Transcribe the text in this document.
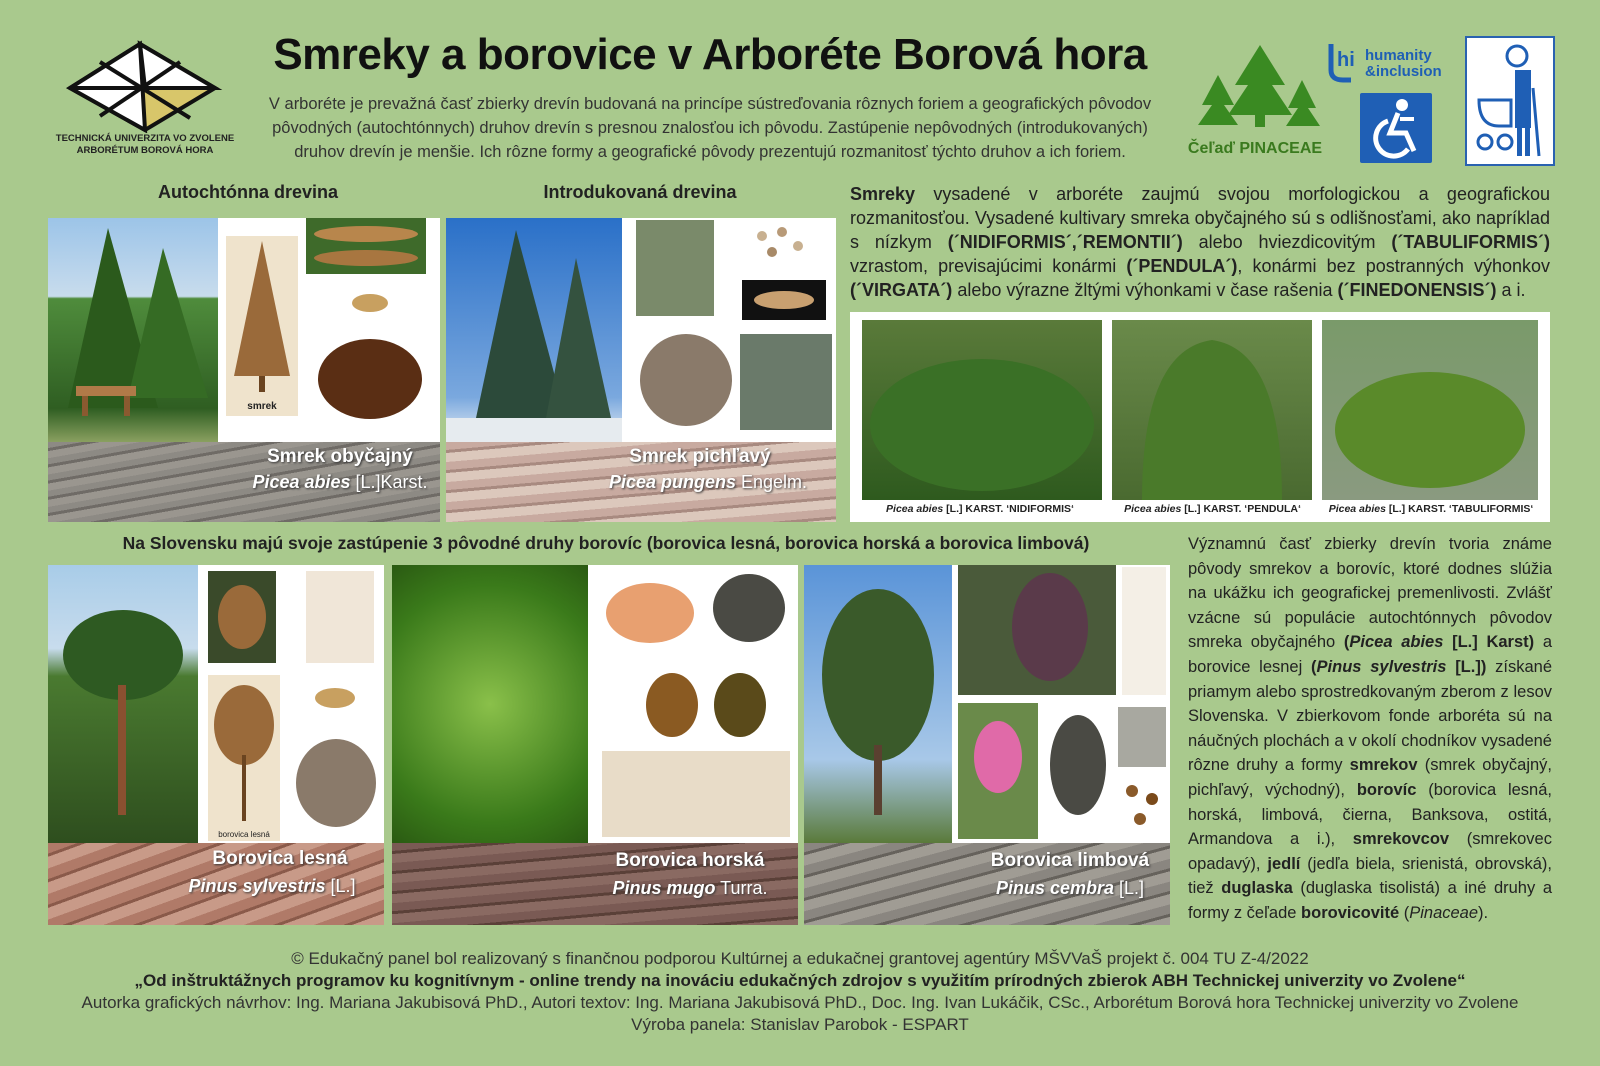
TECHNICKÁ UNIVERZITA VO ZVOLENE
ARBORÉTUM BOROVÁ HORA
Smreky a borovice v Arboréte Borová hora
V arboréte je prevažná časť zbierky drevín budovaná na princípe sústreďovania rôznych foriem a geografických pôvodov pôvodných (autochtónnych) druhov drevín s presnou znalosťou ich pôvodu. Zastúpenie nepôvodných (introdukovaných) druhov drevín je menšie. Ich rôzne formy a geografické pôvody prezentujú rozmanitosť týchto druhov a ich foriem.	Čeľaď PINACEAE
hi humanity
&inclusion
Autochtónna drevina	Introdukovaná drevina
smrek
Smrek obyčajný
Picea abies [L.]Karst.
Smrek pichľavý
Picea pungens Engelm.
Smreky vysadené v arboréte zaujmú svojou morfologickou a geografickou rozmanitosťou. Vysadené kultivary smreka obyčajného sú s odlišnosťami, ako napríklad s nízkym (´NIDIFORMIS´,´REMONTII´) alebo hviezdicovitým (´TABULIFORMIS´) vzrastom, previsajúcimi konármi (´PENDULA´), konármi bez postranných výhonkov (´VIRGATA´) alebo výrazne žltými výhonkami v čase rašenia (´FINEDONENSIS´) a i.
Picea abies [L.] KARST. ‘NIDIFORMIS‘	Picea abies [L.] KARST. ‘PENDULA‘	Picea abies [L.] KARST. ‘TABULIFORMIS‘
Na Slovensku majú svoje zastúpenie 3 pôvodné druhy borovíc (borovica lesná, borovica horská a borovica limbová)
borovica lesná
Borovica lesná
Pinus sylvestris [L.]
Borovica horská
Pinus mugo Turra.
Borovica limbová
Pinus cembra [L.]
Významnú časť zbierky drevín tvoria známe pôvody smrekov a borovíc, ktoré dodnes slúžia na ukážku ich geografickej premenlivosti. Zvlášť vzácne sú populácie autochtónnych pôvodov smreka obyčajného (Picea abies [L.] Karst) a borovice lesnej (Pinus sylvestris [L.]) získané priamym alebo sprostredkovaným zberom z lesov Slovenska. V zbierkovom fonde arboréta sú na náučných plochách a v okolí chodníkov vysadené rôzne druhy a formy smrekov (smrek obyčajný, pichľavý, východný), borovíc (borovica lesná, horská, limbová, čierna, Banksova, ostitá, Armandova a i.), smrekovcov (smrekovec opadavý), jedlí (jedľa biela, srienistá, obrovská), tiež duglaska (duglaska tisolistá) a iné druhy a formy z čeľade borovicovité (Pinaceae).
© Edukačný panel bol realizovaný s finančnou podporou Kultúrnej a edukačnej grantovej agentúry MŠVVaŠ projekt č. 004 TU Z-4/2022
„Od inštruktážnych programov ku kognitívnym - online trendy na inováciu edukačných zdrojov s využitím prírodných zbierok ABH Technickej univerzity vo Zvolene“
Autorka grafických návrhov: Ing. Mariana Jakubisová PhD., Autori textov: Ing. Mariana Jakubisová PhD., Doc. Ing. Ivan Lukáčik, CSc., Arborétum Borová hora Technickej univerzity vo Zvolene
Výroba panela: Stanislav Parobok - ESPART
